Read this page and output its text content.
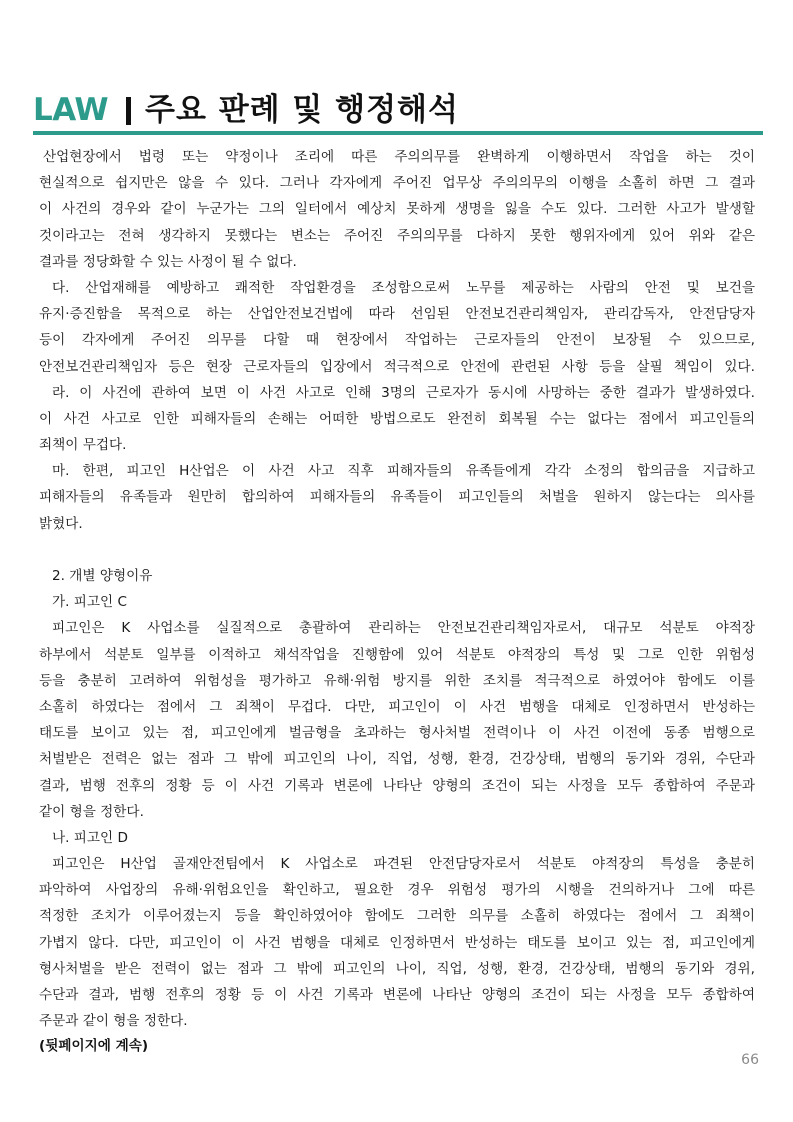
LAW 주요 판례 및 행정해석
산업현장에서 법령 또는 약정이나 조리에 따른 주의의무를 완벽하게 이행하면서 작업을 하는 것이
현실적으로 쉽지만은 않을 수 있다. 그러나 각자에게 주어진 업무상 주의의무의 이행을 소홀히 하면 그 결과
이 사건의 경우와 같이 누군가는 그의 일터에서 예상치 못하게 생명을 잃을 수도 있다. 그러한 사고가 발생할
것이라고는 전혀 생각하지 못했다는 변소는 주어진 주의의무를 다하지 못한 행위자에게 있어 위와 같은
결과를 정당화할 수 있는 사정이 될 수 없다.
다. 산업재해를 예방하고 쾌적한 작업환경을 조성함으로써 노무를 제공하는 사람의 안전 및 보건을
유지·증진함을 목적으로 하는 산업안전보건법에 따라 선임된 안전보건관리책임자, 관리감독자, 안전담당자
등이 각자에게 주어진 의무를 다할 때 현장에서 작업하는 근로자들의 안전이 보장될 수 있으므로,
안전보건관리책임자 등은 현장 근로자들의 입장에서 적극적으로 안전에 관련된 사항 등을 살필 책임이 있다.
라. 이 사건에 관하여 보면 이 사건 사고로 인해 3명의 근로자가 동시에 사망하는 중한 결과가 발생하였다.
이 사건 사고로 인한 피해자들의 손해는 어떠한 방법으로도 완전히 회복될 수는 없다는 점에서 피고인들의
죄책이 무겁다.
마. 한편, 피고인 H산업은 이 사건 사고 직후 피해자들의 유족들에게 각각 소정의 합의금을 지급하고
피해자들의 유족들과 원만히 합의하여 피해자들의 유족들이 피고인들의 처벌을 원하지 않는다는 의사를
밝혔다.
2. 개별 양형이유
가. 피고인 C
피고인은 K 사업소를 실질적으로 총괄하여 관리하는 안전보건관리책임자로서, 대규모 석분토 야적장
하부에서 석분토 일부를 이적하고 채석작업을 진행함에 있어 석분토 야적장의 특성 및 그로 인한 위험성
등을 충분히 고려하여 위험성을 평가하고 유해·위험 방지를 위한 조치를 적극적으로 하였어야 함에도 이를
소홀히 하였다는 점에서 그 죄책이 무겁다. 다만, 피고인이 이 사건 범행을 대체로 인정하면서 반성하는
태도를 보이고 있는 점, 피고인에게 벌금형을 초과하는 형사처벌 전력이나 이 사건 이전에 동종 범행으로
처벌받은 전력은 없는 점과 그 밖에 피고인의 나이, 직업, 성행, 환경, 건강상태, 범행의 동기와 경위, 수단과
결과, 범행 전후의 정황 등 이 사건 기록과 변론에 나타난 양형의 조건이 되는 사정을 모두 종합하여 주문과
같이 형을 정한다.
나. 피고인 D
피고인은 H산업 골재안전팀에서 K 사업소로 파견된 안전담당자로서 석분토 야적장의 특성을 충분히
파악하여 사업장의 유해·위험요인을 확인하고, 필요한 경우 위험성 평가의 시행을 건의하거나 그에 따른
적정한 조치가 이루어졌는지 등을 확인하였어야 함에도 그러한 의무를 소홀히 하였다는 점에서 그 죄책이
가볍지 않다. 다만, 피고인이 이 사건 범행을 대체로 인정하면서 반성하는 태도를 보이고 있는 점, 피고인에게
형사처벌을 받은 전력이 없는 점과 그 밖에 피고인의 나이, 직업, 성행, 환경, 건강상태, 범행의 동기와 경위,
수단과 결과, 범행 전후의 정황 등 이 사건 기록과 변론에 나타난 양형의 조건이 되는 사정을 모두 종합하여
주문과 같이 형을 정한다.
(뒷페이지에 계속)
66
